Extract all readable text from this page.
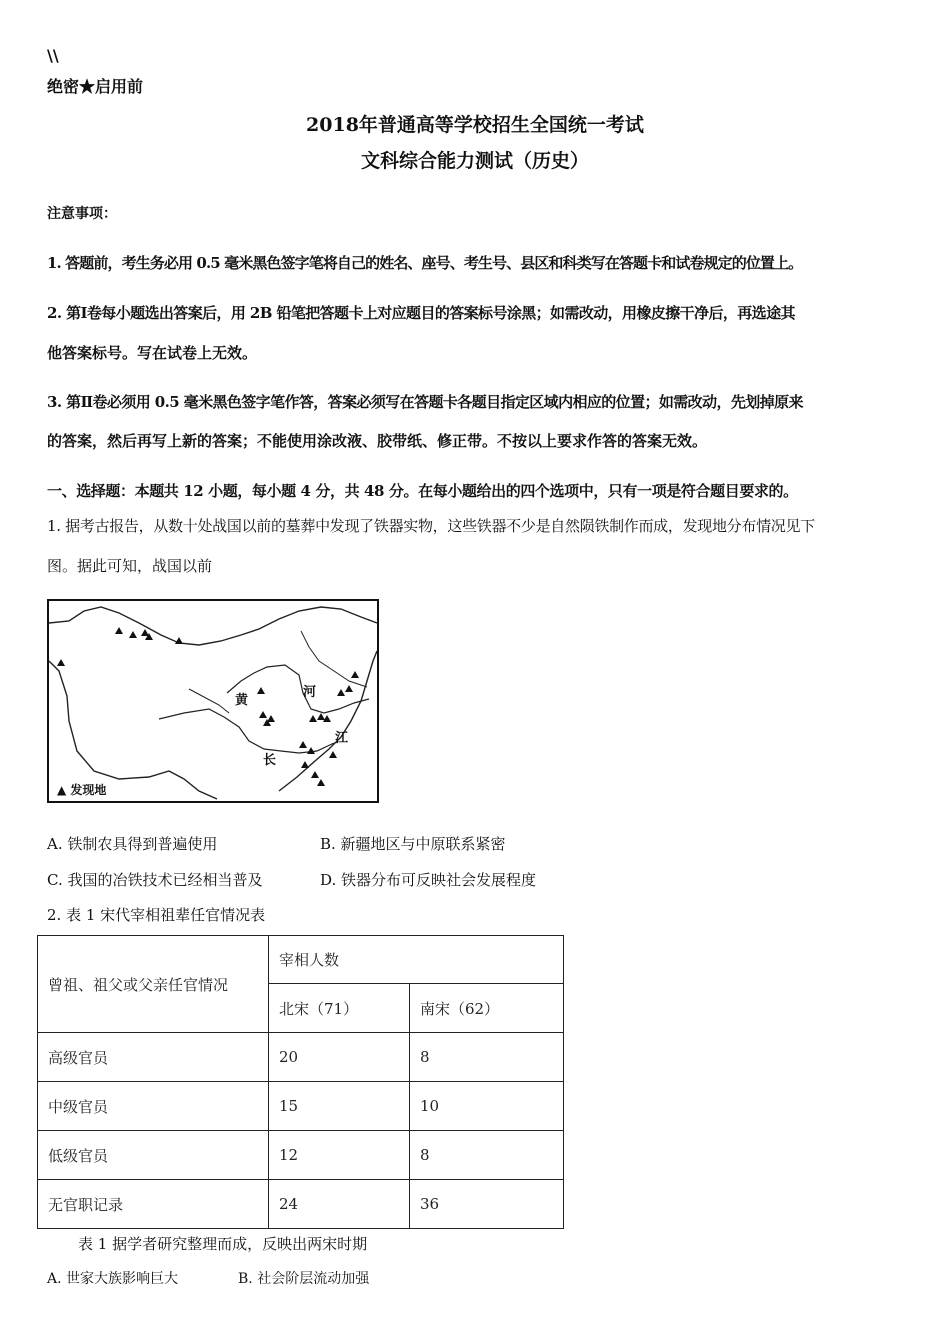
\\
绝密★启用前
2018年普通高等学校招生全国统一考试
文科综合能力测试（历史）
注意事项：
1. 答题前，考生务必用 0.5 毫米黑色签字笔将自己的姓名、座号、考生号、县区和科类写在答题卡和试卷规定的位置上。
2. 第Ⅰ卷每小题选出答案后，用 2B 铅笔把答题卡上对应题目的答案标号涂黑；如需改动，用橡皮擦干净后，再选途其
他答案标号。写在试卷上无效。
3. 第Ⅱ卷必须用 0.5 毫米黑色签字笔作答，答案必须写在答题卡各题目指定区域内相应的位置；如需改动，先划掉原来
的答案，然后再写上新的答案；不能使用涂改液、胶带纸、修正带。不按以上要求作答的答案无效。
一、选择题：本题共 12 小题，每小题 4 分，共 48 分。在每小题给出的四个选项中，只有一项是符合题目要求的。
1. 据考古报告，从数十处战国以前的墓葬中发现了铁器实物，这些铁器不少是自然陨铁制作而成，发现地分布情况见下
图。据此可知，战国以前
黄
河
长
江
▲ 发现地
A. 铁制农具得到普遍使用	B. 新疆地区与中原联系紧密
C. 我国的冶铁技术已经相当普及	D. 铁器分布可反映社会发展程度
2. 表 1 宋代宰相祖辈任官情况表
曾祖、祖父或父亲任官情况	宰相人数	
	北宋（71）	南宋（62）
高级官员	20	8
中级官员	15	10
低级官员	12	8
无官职记录	24	36
表 1 据学者研究整理而成，反映出两宋时期
A. 世家大族影响巨大	B. 社会阶层流动加强
